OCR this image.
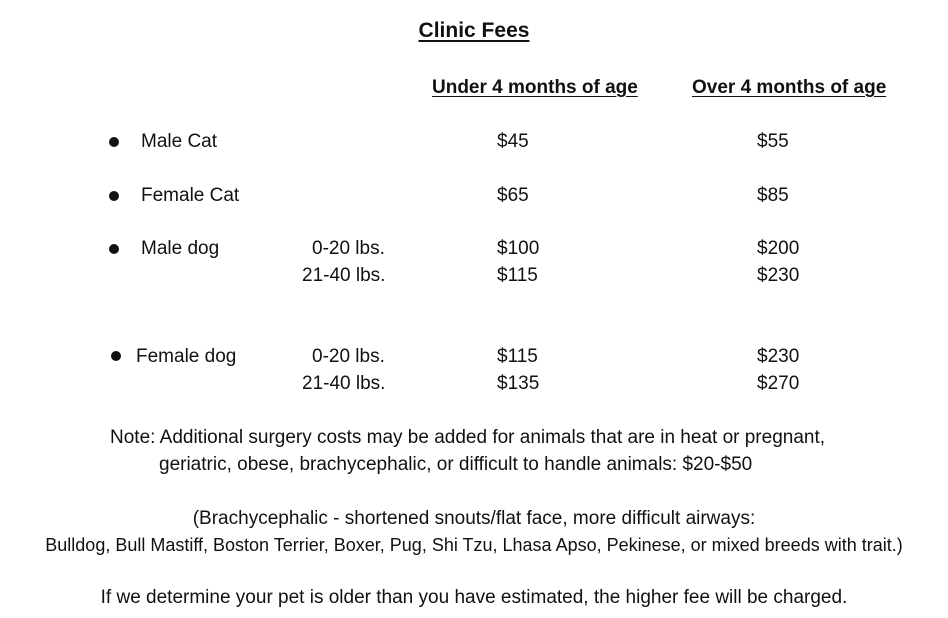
Clinic Fees
Under 4 months of age	Over 4 months of age
Male Cat	$45	$55
Female Cat	$65	$85
Male dog	0-20 lbs.	$100	$200
21-40 lbs.	$115	$230
Female dog	0-20 lbs.	$115	$230
21-40 lbs.	$135	$270
Note: Additional surgery costs may be added for animals that are in heat or pregnant,
geriatric, obese, brachycephalic, or difficult to handle animals: $20-$50
(Brachycephalic - shortened snouts/flat face, more difficult airways:
Bulldog, Bull Mastiff, Boston Terrier, Boxer, Pug, Shi Tzu, Lhasa Apso, Pekinese, or mixed breeds with trait.)
If we determine your pet is older than you have estimated, the higher fee will be charged.
